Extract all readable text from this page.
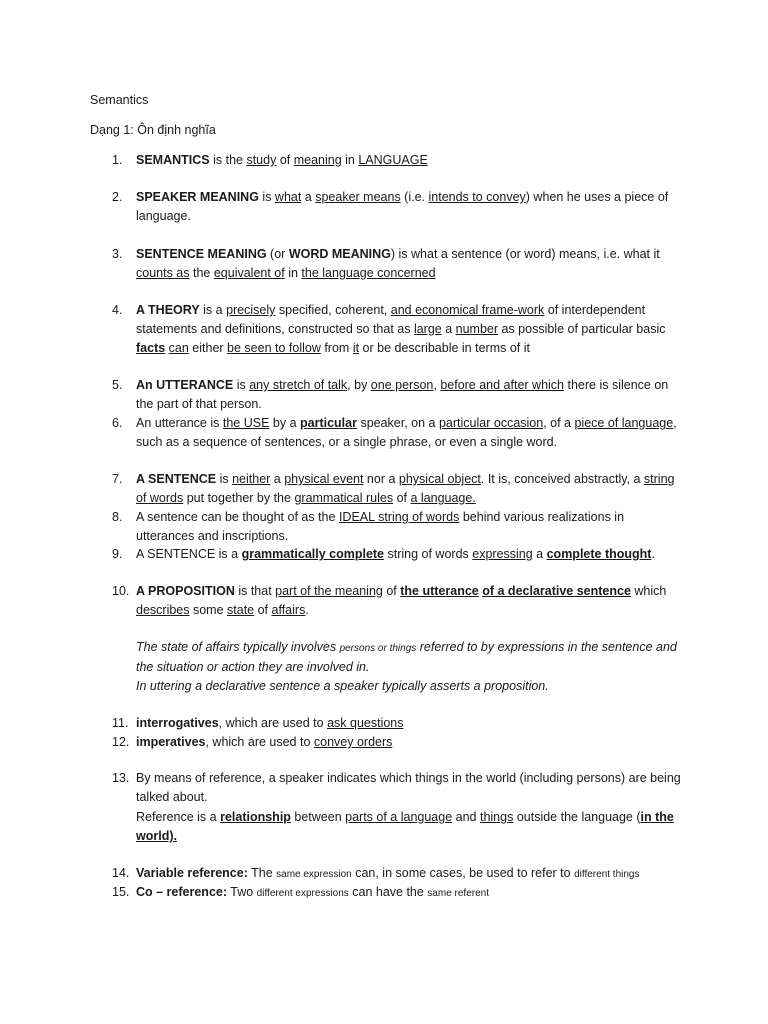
Semantics
Dạng 1: Ôn định nghĩa
1.	SEMANTICS is the study of meaning in LANGUAGE
2.	SPEAKER MEANING is what a speaker means (i.e. intends to convey) when he uses a piece of language.
3.	SENTENCE MEANING (or WORD MEANING) is what a sentence (or word) means, i.e. what it counts as the equivalent of in the language concerned
4.	A THEORY is a precisely specified, coherent, and economical frame-work of interdependent statements and definitions, constructed so that as large a number as possible of particular basic facts can either be seen to follow from it or be describable in terms of it
5.	An UTTERANCE is any stretch of talk, by one person, before and after which there is silence on the part of that person.
6.	An utterance is the USE by a particular speaker, on a particular occasion, of a piece of language, such as a sequence of sentences, or a single phrase, or even a single word.
7.	A SENTENCE is neither a physical event nor a physical object. It is, conceived abstractly, a string of words put together by the grammatical rules of a language.
8.	A sentence can be thought of as the IDEAL string of words behind various realizations in utterances and inscriptions.
9.	A SENTENCE is a grammatically complete string of words expressing a complete thought.
10. A PROPOSITION is that part of the meaning of the utterance of a declarative sentence which describes some state of affairs.
The state of affairs typically involves persons or things referred to by expressions in the sentence and the situation or action they are involved in.
In uttering a declarative sentence a speaker typically asserts a proposition.
11. interrogatives, which are used to ask questions
12. imperatives, which are used to convey orders
13. By means of reference, a speaker indicates which things in the world (including persons) are being talked about.
Reference is a relationship between parts of a language and things outside the language (in the world).
14. Variable reference: The same expression can, in some cases, be used to refer to different things
15. Co – reference: Two different expressions can have the same referent
